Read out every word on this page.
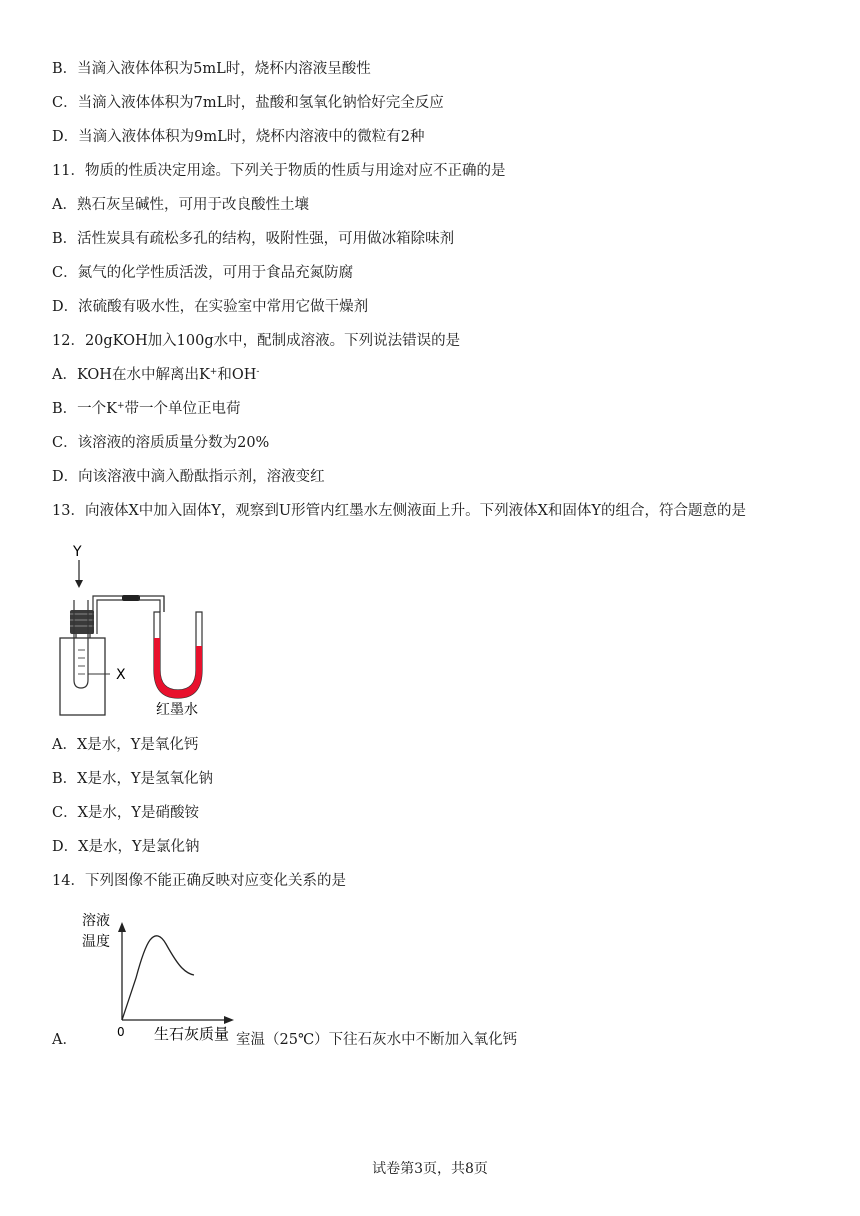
B．当滴入液体体积为5mL时，烧杯内溶液呈酸性
C．当滴入液体体积为7mL时，盐酸和氢氧化钠恰好完全反应
D．当滴入液体体积为9mL时，烧杯内溶液中的微粒有2种
11．物质的性质决定用途。下列关于物质的性质与用途对应不正确的是
A．熟石灰呈碱性，可用于改良酸性土壤
B．活性炭具有疏松多孔的结构，吸附性强，可用做冰箱除味剂
C．氮气的化学性质活泼，可用于食品充氮防腐
D．浓硫酸有吸水性，在实验室中常用它做干燥剂
12．20gKOH加入100g水中，配制成溶液。下列说法错误的是
A．KOH在水中解离出K+和OH-
B．一个K+带一个单位正电荷
C．该溶液的溶质质量分数为20%
D．向该溶液中滴入酚酞指示剂，溶液变红
13．向液体X中加入固体Y，观察到U形管内红墨水左侧液面上升。下列液体X和固体Y的组合，符合题意的是
Y
X
红墨水
A．X是水，Y是氧化钙
B．X是水，Y是氢氧化钠
C．X是水，Y是硝酸铵
D．X是水，Y是氯化钠
14．下列图像不能正确反映对应变化关系的是
溶液
温度
0 生石灰质量
A．	室温（25℃）下往石灰水中不断加入氧化钙
试卷第3页，共8页
